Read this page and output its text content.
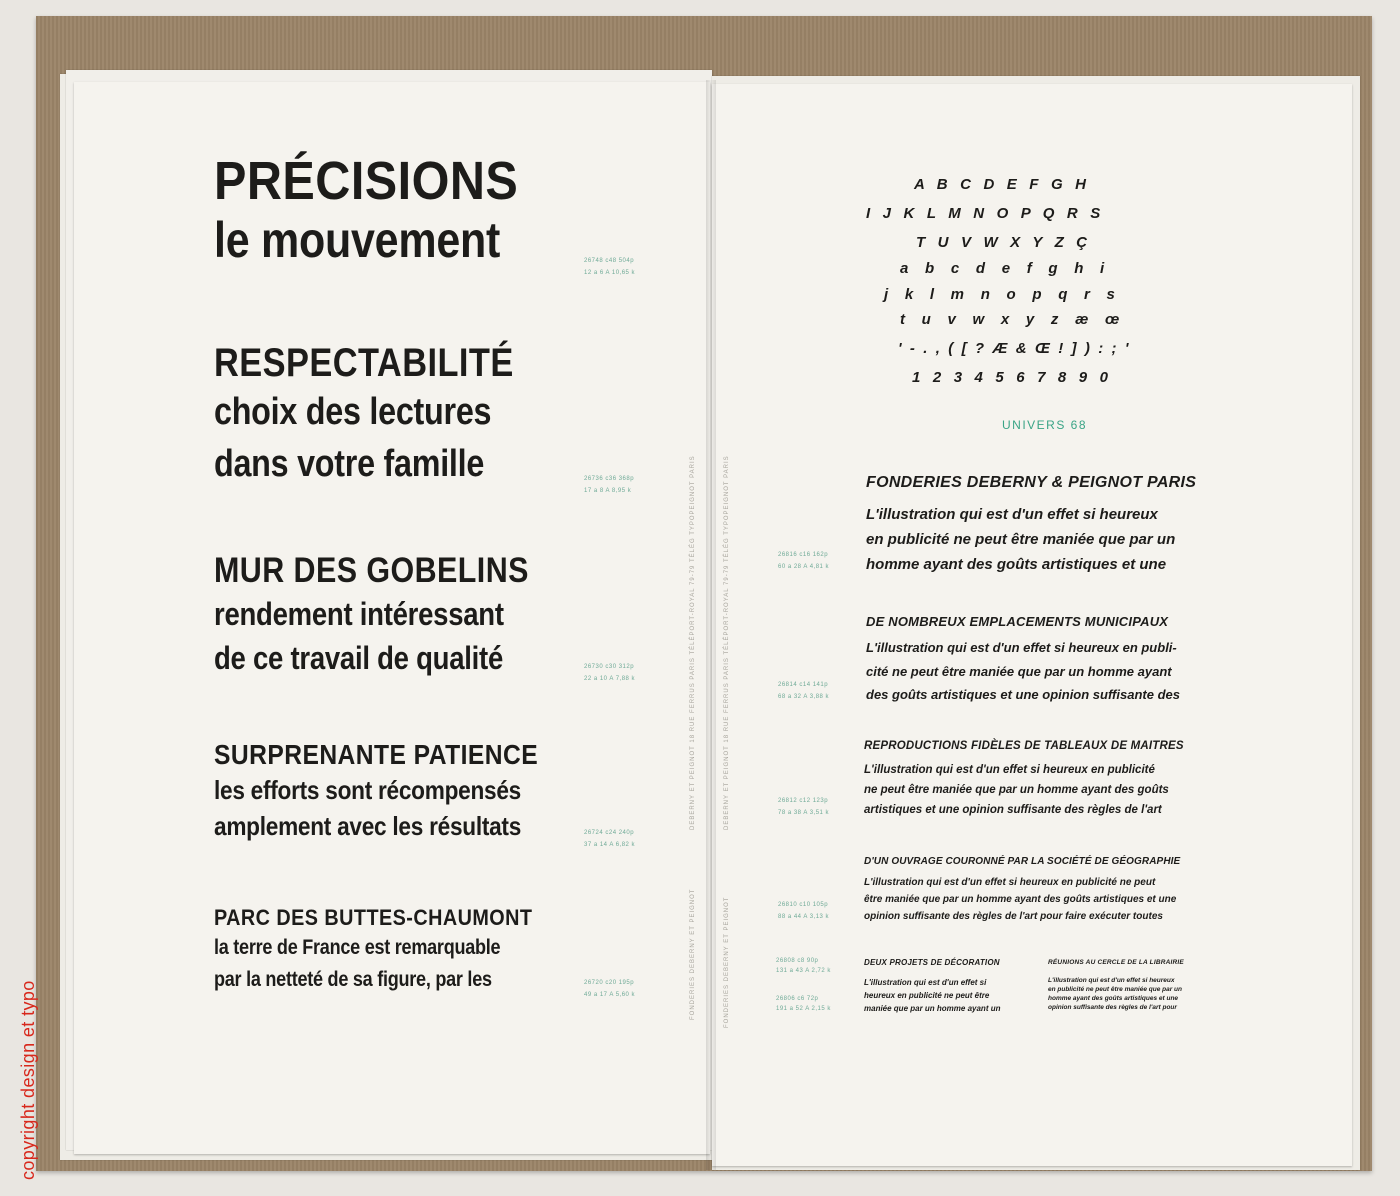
PRÉCISIONS
le mouvement	26748 c48 504p
12 a 6 A 10,65 k
RESPECTABILITÉ
choix des lectures
dans votre famille	26736 c36 368p
17 a 8 A 8,95 k
MUR DES GOBELINS
rendement intéressant
de ce travail de qualité	26730 c30 312p
22 a 10 A 7,88 k
SURPRENANTE PATIENCE
les efforts sont récompensés
amplement avec les résultats	26724 c24 240p
37 a 14 A 6,82 k
PARC DES BUTTES-CHAUMONT
la terre de France est remarquable
par la netteté de sa figure, par les	26720 c20 195p
49 a 17 A 5,60 k
DEBERNY ET PEIGNOT 18 RUE FERRUS PARIS TÉLÉPORT-ROYAL 79-79 TÉLÉG TYPOPEIGNOT PARIS
FONDERIES DEBERNY ET PEIGNOT
A   B   C   D   E   F   G   H
I   J   K   L   M   N   O   P   Q   R   S
T   U   V   W   X   Y   Z   Ç
a    b    c    d    e    f    g    h    i
j    k    l    m    n    o    p    q    r    s
t    u    v    w    x    y    z    æ    œ
'  -  .  ,  (  [  ?  Æ  &  Œ  !  ]  )  :  ;  '
1   2   3   4   5   6   7   8   9   0
UNIVERS 68
FONDERIES DEBERNY & PEIGNOT PARIS
L'illustration qui est d'un effet si heureux
en publicité ne peut être maniée que par un
homme ayant des goûts artistiques et une
26816 c16 162p
60 a 28 A 4,81 k
DE NOMBREUX EMPLACEMENTS MUNICIPAUX
L'illustration qui est d'un effet si heureux en publi-
cité ne peut être maniée que par un homme ayant
des goûts artistiques et une opinion suffisante des
26814 c14 141p
68 a 32 A 3,88 k
REPRODUCTIONS FIDÈLES DE TABLEAUX DE MAITRES
L'illustration qui est d'un effet si heureux en publicité
ne peut être maniée que par un homme ayant des goûts
artistiques et une opinion suffisante des règles de l'art
26812 c12 123p
78 a 38 A 3,51 k
D'UN OUVRAGE COURONNÉ PAR LA SOCIÉTÉ DE GÉOGRAPHIE
L'illustration qui est d'un effet si heureux en publicité ne peut
être maniée que par un homme ayant des goûts artistiques et une
opinion suffisante des règles de l'art pour faire exécuter toutes
26810 c10 105p
88 a 44 A 3,13 k
DEUX PROJETS DE DÉCORATION
L'illustration qui est d'un effet si
heureux en publicité ne peut être
maniée que par un homme ayant un
26808 c8 90p
131 a 43 A 2,72 k
26806 c6 72p
191 a 52 A 2,15 k
RÉUNIONS AU CERCLE DE LA LIBRAIRIE
L'illustration qui est d'un effet si heureux
en publicité ne peut être maniée que par un
homme ayant des goûts artistiques et une
opinion suffisante des règles de l'art pour
DEBERNY ET PEIGNOT 18 RUE FERRUS PARIS TÉLÉPORT-ROYAL 79-79 TÉLÉG TYPOPEIGNOT PARIS
FONDERIES DEBERNY ET PEIGNOT
copyright design et typo
